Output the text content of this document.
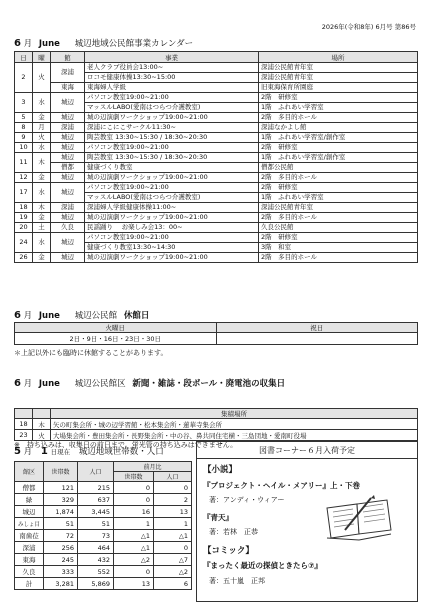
2026年(令和8年) 6月号 第86号
6 月 June 城辺地域公民館事業カレンダー
日	曜	館	事業	場所
2	火	深浦	老人クラブ役員会13:00~	深浦公民館青年室
			ロコモ健康体操13:30~15:00	深浦公民館青年室
		東海	東海婦人学級	旧東海保育所園庭
3	水	城辺	パソコン教室19:00~21:00	2階　研修室
			マッスルLABO(愛南はつらつ介護教室)	1階　ふれあい学習室
5	金	城辺	城の辺演劇ワークショップ19:00~21:00	2階　多目的ホール
8	月	深浦	深浦にこにこサークル11:30~	深浦なかよし館
9	火	城辺	陶芸教室 13:30~15:30 / 18:30~20:30	1階　ふれあい学習室/創作室
10	水	城辺	パソコン教室19:00~21:00	2階　研修室
11	木	城辺	陶芸教室 13:30~15:30 / 18:30~20:30	1階　ふれあい学習室/創作室
		僧都	健康づくり教室	僧都公民館
12	金	城辺	城の辺演劇ワークショップ19:00~21:00	2階　多目的ホール
17	水	城辺	パソコン教室19:00~21:00	2階　研修室
			マッスルLABO(愛南はつらつ介護教室)	1階　ふれあい学習室
18	木	深浦	深浦婦人学級健康体操11:00~	深浦公民館青年室
19	金	城辺	城の辺演劇ワークショップ19:00~21:00	2階　多目的ホール
20	土	久良	民謡踊り 　お楽しみ会13：00~	久良公民館
24	水	城辺	パソコン教室19:00~21:00	2階　研修室
			健康づくり教室13:30~14:30	3階　和室
26	金	城辺	城の辺演劇ワークショップ19:00~21:00	2階　多目的ホール
6 月 June 城辺公民館 休館日
火曜日	祝日
2日・9日・16日・23日・30日	
＊上記以外にも臨時に休館することがあります。
6 月 June 城辺公民館区 新聞・雑誌・段ボール・廃電池の収集日
		集積場所
18	木	矢の町集会所・城の辺学習館・松本集会所・蓮華寺集会所
23	火	大場集会所・豊田集会所・長野集会所・中の谷、鼻共同住宅横・三島団地・愛南町役場
※　持ち込みは、収集日の前日まで。蛍光管の持ち込みはできません。
5 月 1 日現在 城辺地域世帯数・人口
館区	世帯数	人口	前月比	
			世帯数	人口
僧都	121	215	0	0
緑	329	637	0	2
城辺	1,874	3,445	16	13
みしょ目	51	51	1	1
南歯莅	72	73	△1	△1
深浦	256	464	△1	0
東海	245	432	△2	△7
久良	333	552	0	△2
計	3,281	5,869	13	6
図書コーナー６月入荷予定
【小説】
『プロジェクト・ヘイル・メアリー』上・下巻
著：アンディ・ウィアー
『青天』
著：若林　正恭
【コミック】
『まったく最近の探偵ときたら⑦』
著：五十嵐　正邦
